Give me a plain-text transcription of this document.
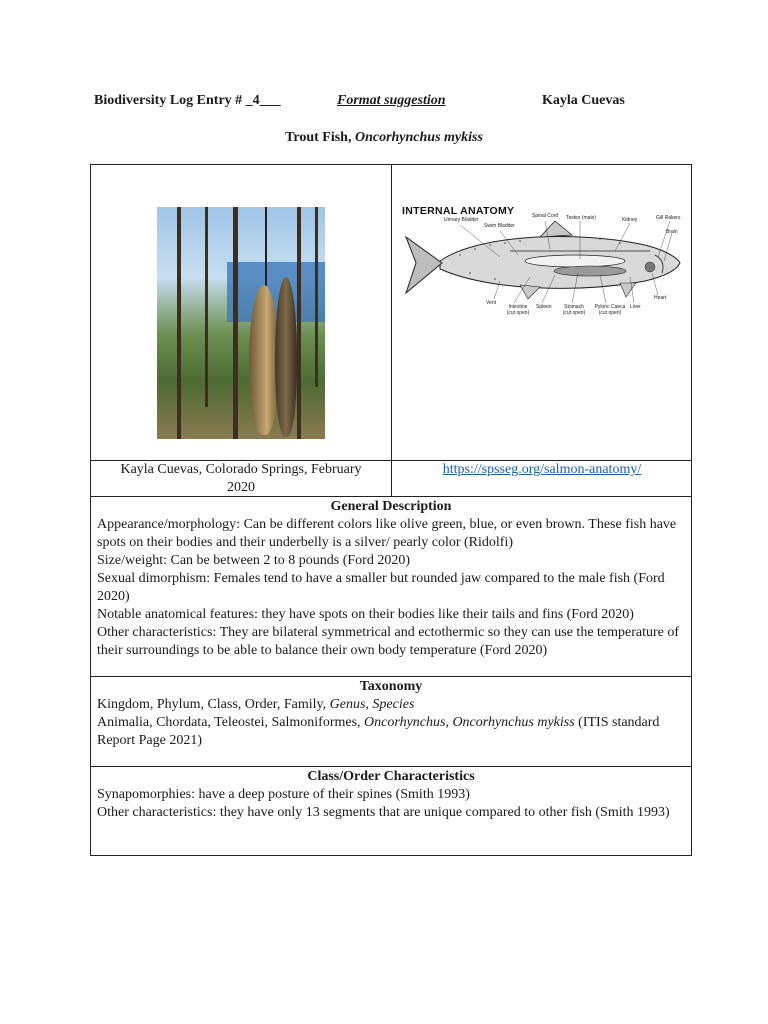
Biodiversity Log Entry # _4___	Format suggestion	Kayla Cuevas
Trout Fish, Oncorhynchus mykiss
INTERNAL ANATOMY
Urinary Bladder
Swim Bladder
Spinal Cord Testes (male)	Kidney	Gill Rakers
Brain
Vent
Intestine (cut open)
Spleen	Stomach (cut open)
Pyloric Caeca (cut open)
Liver
Heart
Kayla Cuevas, Colorado Springs, February 2020
https://spsseg.org/salmon-anatomy/
General Description

Appearance/morphology: Can be different colors like olive green, blue, or even brown. These fish have spots on their bodies and their underbelly is a silver/ pearly color (Ridolfi)

Size/weight: Can be between 2 to 8 pounds (Ford 2020)

Sexual dimorphism: Females tend to have a smaller but rounded jaw compared to the male fish (Ford 2020)

Notable anatomical features: they have spots on their bodies like their tails and fins (Ford 2020)

Other characteristics: They are bilateral symmetrical and ectothermic so they can use the temperature of their surroundings to be able to balance their own body temperature (Ford 2020)

Taxonomy

Kingdom, Phylum, Class, Order, Family, Genus, Species

Animalia, Chordata, Teleostei, Salmoniformes, Oncorhynchus, Oncorhynchus mykiss (ITIS standard Report Page 2021)

Class/Order Characteristics

Synapomorphies: have a deep posture of their spines (Smith 1993)

Other characteristics: they have only 13 segments that are unique compared to other fish (Smith 1993)
